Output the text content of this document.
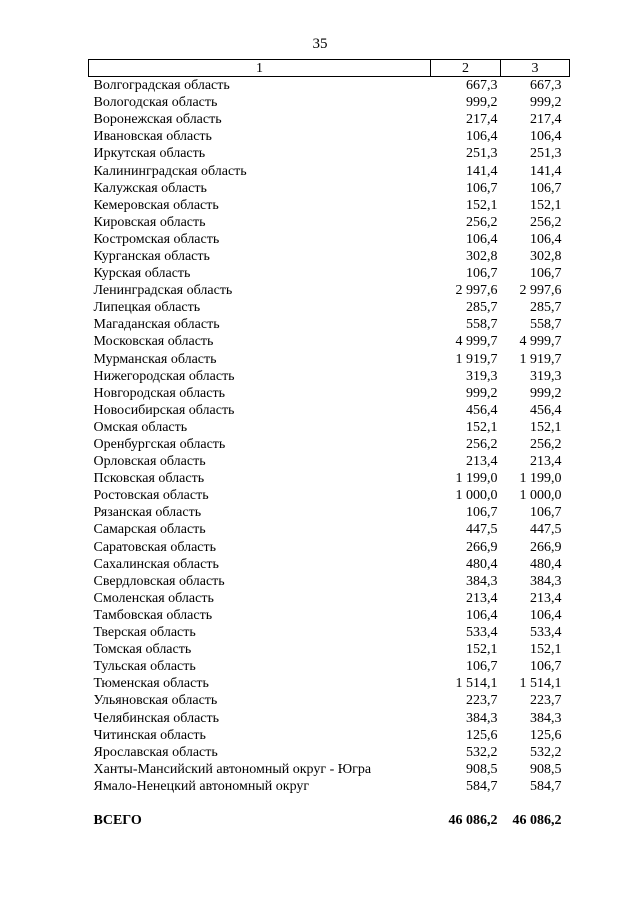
35
1	2	3
Волгоградская область	667,3	667,3
Вологодская область	999,2	999,2
Воронежская область	217,4	217,4
Ивановская область	106,4	106,4
Иркутская область	251,3	251,3
Калининградская область	141,4	141,4
Калужская область	106,7	106,7
Кемеровская область	152,1	152,1
Кировская область	256,2	256,2
Костромская область	106,4	106,4
Курганская область	302,8	302,8
Курская область	106,7	106,7
Ленинградская область	2 997,6	2 997,6
Липецкая область	285,7	285,7
Магаданская область	558,7	558,7
Московская область	4 999,7	4 999,7
Мурманская область	1 919,7	1 919,7
Нижегородская область	319,3	319,3
Новгородская область	999,2	999,2
Новосибирская область	456,4	456,4
Омская область	152,1	152,1
Оренбургская область	256,2	256,2
Орловская область	213,4	213,4
Псковская область	1 199,0	1 199,0
Ростовская область	1 000,0	1 000,0
Рязанская область	106,7	106,7
Самарская область	447,5	447,5
Саратовская область	266,9	266,9
Сахалинская область	480,4	480,4
Свердловская область	384,3	384,3
Смоленская область	213,4	213,4
Тамбовская область	106,4	106,4
Тверская область	533,4	533,4
Томская область	152,1	152,1
Тульская область	106,7	106,7
Тюменская область	1 514,1	1 514,1
Ульяновская область	223,7	223,7
Челябинская область	384,3	384,3
Читинская область	125,6	125,6
Ярославская область	532,2	532,2
Ханты-Мансийский автономный округ - Югра	908,5	908,5
Ямало-Ненецкий автономный округ	584,7	584,7

ВСЕГО	46 086,2	46 086,2
